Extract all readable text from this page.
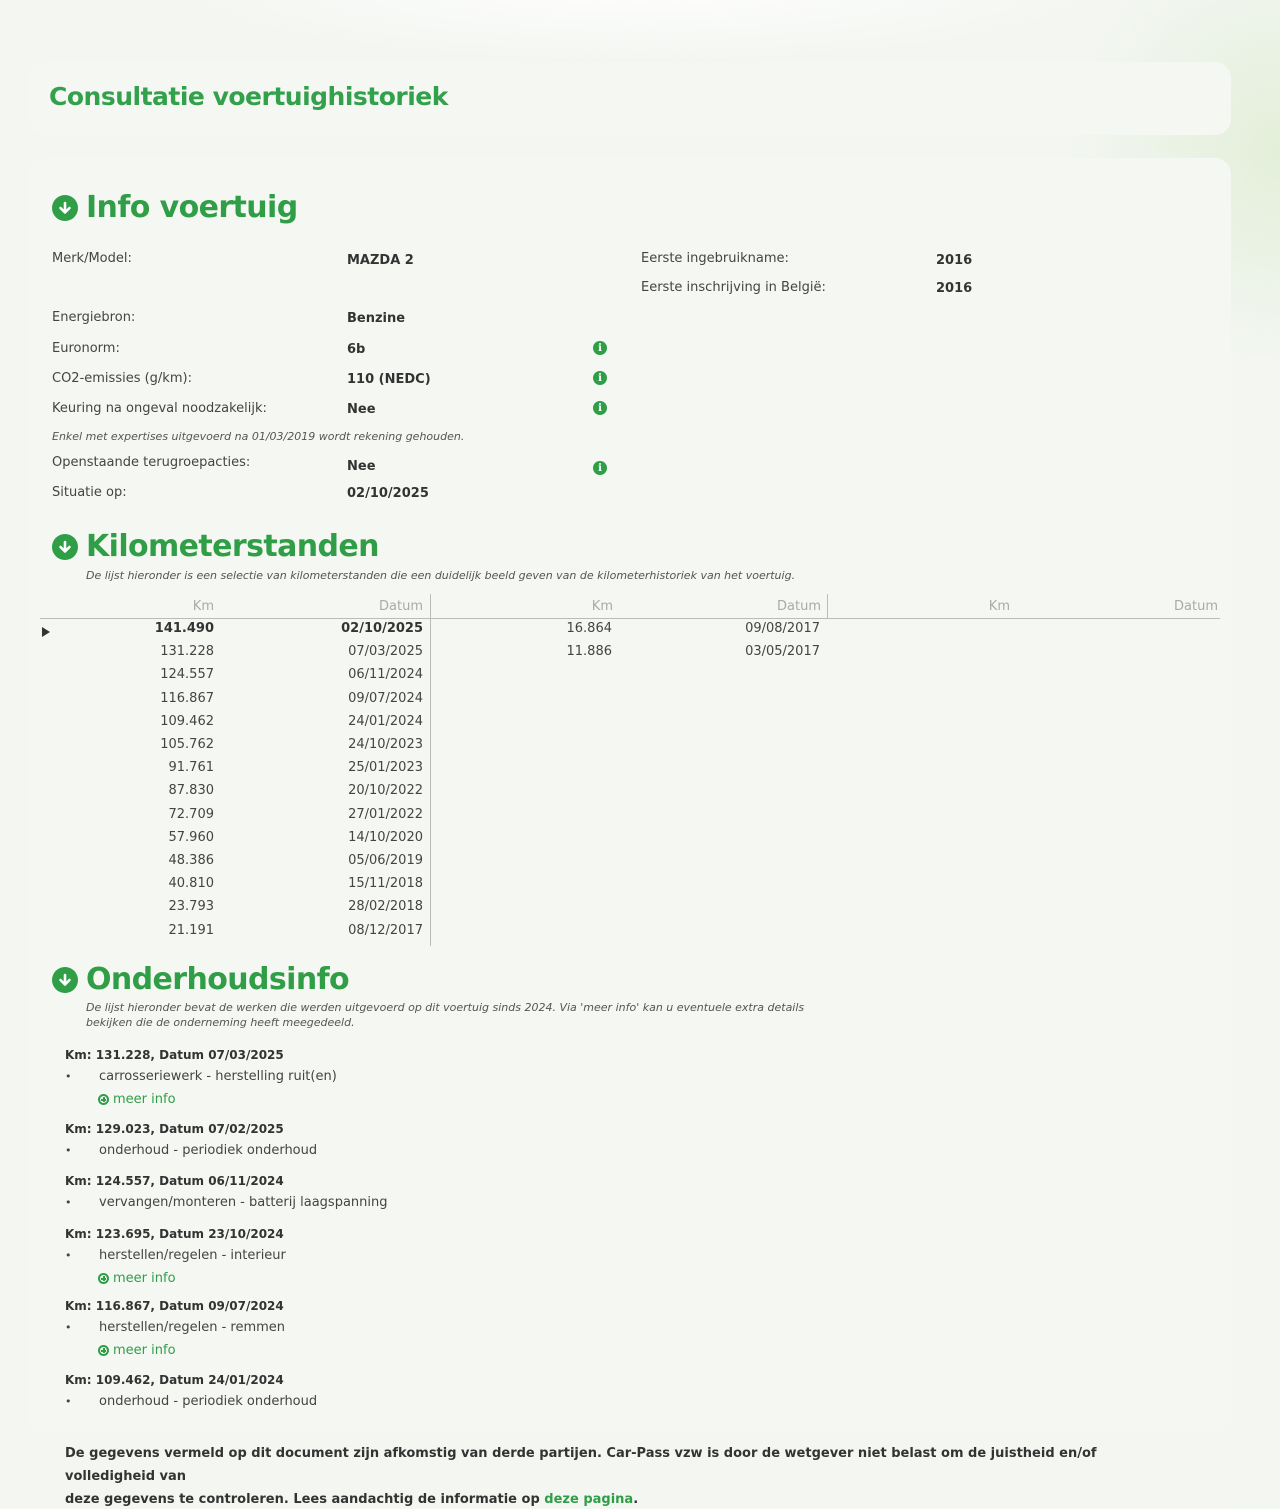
Consultatie voertuighistoriek
Info voertuig
Merk/Model:	MAZDA 2	Eerste ingebruikname:	2016
Eerste inschrijving in België:	2016
Energiebron:	Benzine
Euronorm:	6b	i
CO2-emissies (g/km):	110 (NEDC)	i
Keuring na ongeval noodzakelijk:	Nee	i
Enkel met expertises uitgevoerd na 01/03/2019 wordt rekening gehouden.
Openstaande terugroepacties:	Nee	i
Situatie op:	02/10/2025
Kilometerstanden
De lijst hieronder is een selectie van kilometerstanden die een duidelijk beeld geven van de kilometerhistoriek van het voertuig.
Km	Datum	Km	Datum	Km	Datum
141.490	02/10/2025
131.228	07/03/2025
124.557	06/11/2024
116.867	09/07/2024
109.462	24/01/2024
105.762	24/10/2023
91.761	25/01/2023
87.830	20/10/2022
72.709	27/01/2022
57.960	14/10/2020
48.386	05/06/2019
40.810	15/11/2018
23.793	28/02/2018
21.191	08/12/2017
16.864	09/08/2017
11.886	03/05/2017
Onderhoudsinfo
De lijst hieronder bevat de werken die werden uitgevoerd op dit voertuig sinds 2024. Via 'meer info' kan u eventuele extra details
bekijken die de onderneming heeft meegedeeld.
Km: 131.228, Datum 07/03/2025
• carrosseriewerk - herstelling ruit(en)
meer info
Km: 129.023, Datum 07/02/2025
• onderhoud - periodiek onderhoud
Km: 124.557, Datum 06/11/2024
• vervangen/monteren - batterij laagspanning
Km: 123.695, Datum 23/10/2024
• herstellen/regelen - interieur
meer info
Km: 116.867, Datum 09/07/2024
• herstellen/regelen - remmen
meer info
Km: 109.462, Datum 24/01/2024
• onderhoud - periodiek onderhoud
De gegevens vermeld op dit document zijn afkomstig van derde partijen. Car-Pass vzw is door de wetgever niet belast om de juistheid en/of volledigheid van
deze gegevens te controleren. Lees aandachtig de informatie op deze pagina.
